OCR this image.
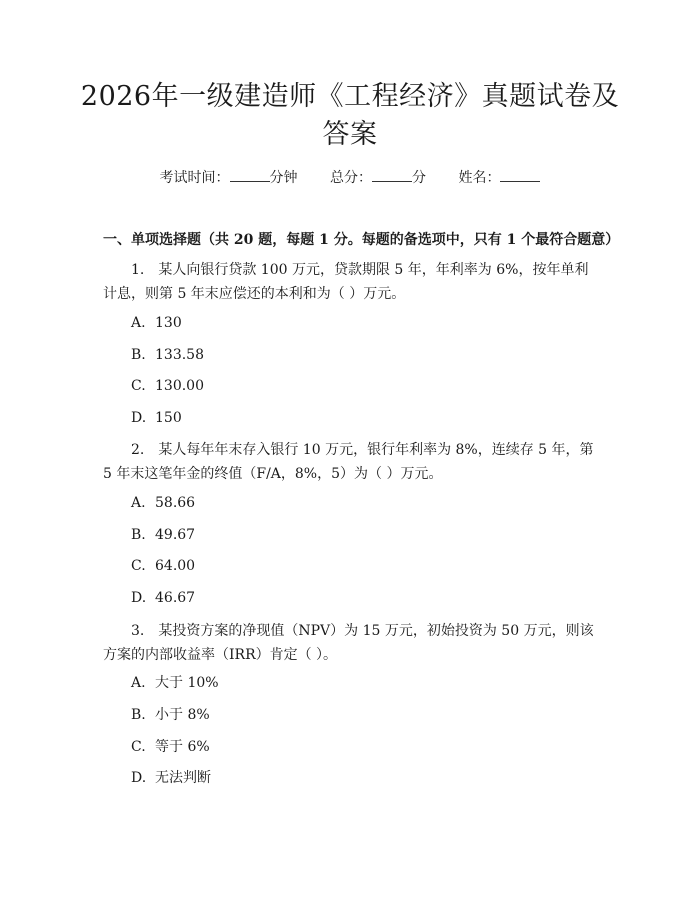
2026年一级建造师《工程经济》真题试卷及答案
考试时间：	分钟 总分：	分 姓名：
一、单项选择题（共 20 题，每题 1 分。每题的备选项中，只有 1 个最符合题意）
1.　某人向银行贷款 100 万元，贷款期限 5 年，年利率为 6%，按年单利计息，则第 5 年末应偿还的本利和为（ ）万元。
A. 130
B. 133.58
C. 130.00
D. 150
2.　某人每年年末存入银行 10 万元，银行年利率为 8%，连续存 5 年，第 5 年末这笔年金的终值（F/A，8%，5）为（ ）万元。
A. 58.66
B. 49.67
C. 64.00
D. 46.67
3.　某投资方案的净现值（NPV）为 15 万元，初始投资为 50 万元，则该方案的内部收益率（IRR）肯定（ ）。
A. 大于 10%
B. 小于 8%
C. 等于 6%
D. 无法判断
